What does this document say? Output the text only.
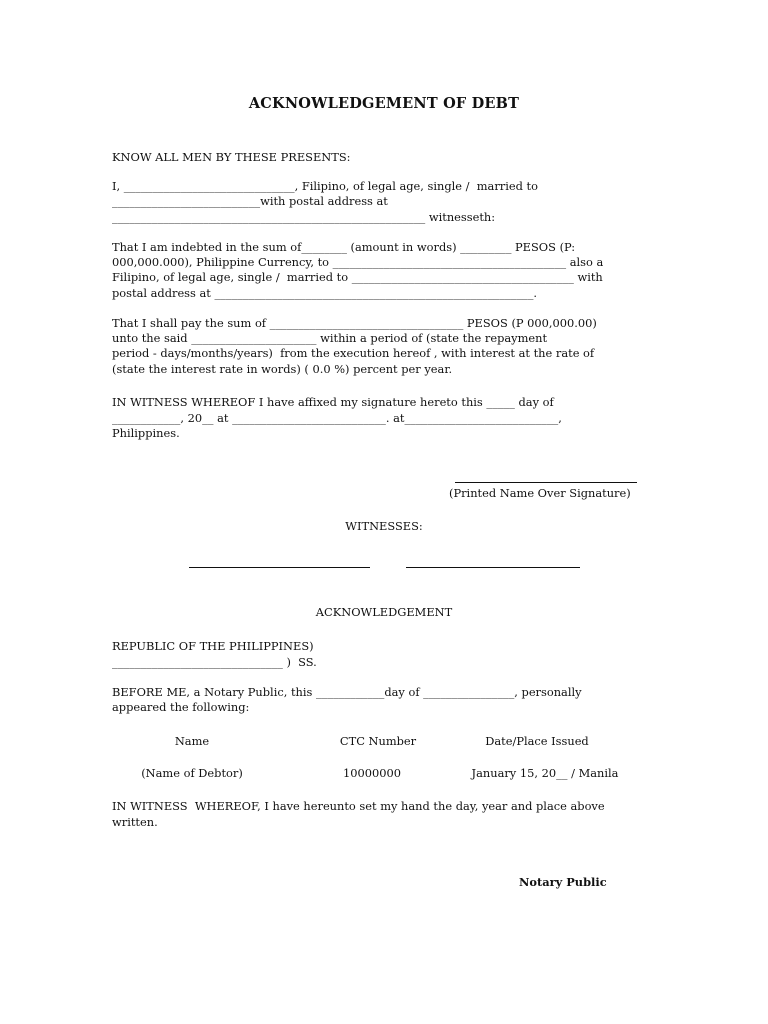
ACKNOWLEDGEMENT OF DEBT
KNOW ALL MEN BY THESE PRESENTS:
I, ______________________________, Filipino, of legal age, single /  married to
__________________________with postal address at
_______________________________________________________ witnesseth:
That I am indebted in the sum of________ (amount in words) _________ PESOS (P:
000,000.000), Philippine Currency, to _________________________________________ also a
Filipino, of legal age, single /  married to _______________________________________ with
postal address at ________________________________________________________.
That I shall pay the sum of __________________________________ PESOS (P 000,000.00)
unto the said ______________________ within a period of (state the repayment
period - days/months/years)  from the execution hereof , with interest at the rate of
(state the interest rate in words) ( 0.0 %) percent per year.
IN WITNESS WHEREOF I have affixed my signature hereto this _____ day of
____________, 20__ at ___________________________. at___________________________,
Philippines.
(Printed Name Over Signature)
WITNESSES:
ACKNOWLEDGEMENT
REPUBLIC OF THE PHILIPPINES)
______________________________ )  SS.
BEFORE ME, a Notary Public, this ____________day of ________________, personally
appeared the following:
Name	CTC Number	Date/Place Issued
(Name of Debtor)	10000000	January 15, 20__ / Manila
IN WITNESS  WHEREOF, I have hereunto set my hand the day, year and place above
written.
Notary Public
